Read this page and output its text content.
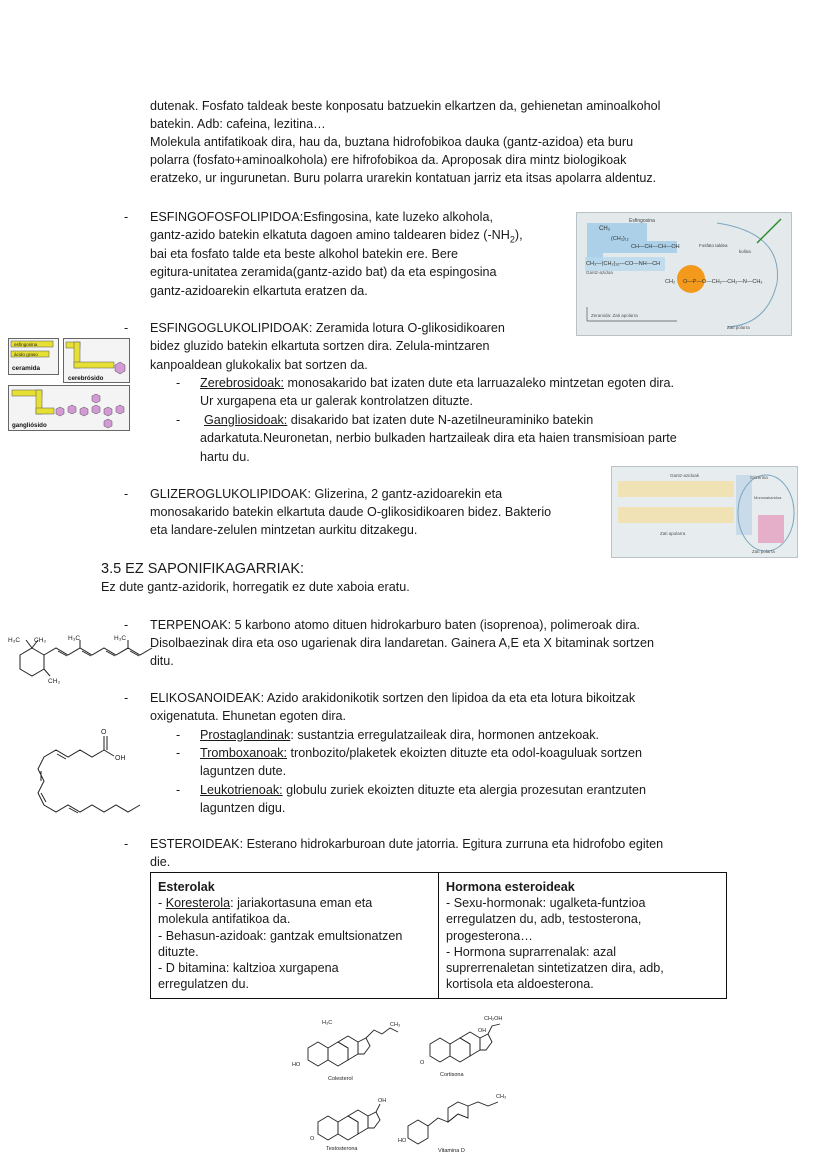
dutenak. Fosfato taldeak beste konposatu batzuekin elkartzen da, gehienetan aminoalkohol
batekin. Adb: cafeina, lezitina…
Molekula antifatikoak dira, hau da, buztana hidrofobikoa dauka (gantz-azidoa) eta buru
polarra (fosfato+aminoalkohola) ere hifrofobikoa da. Aproposak dira mintz biologikoak
eratzeko, ur ingurunetan. Buru polarra urarekin kontatuan jarriz eta itsas apolarra aldentuz.
- ESFINGOFOSFOLIPIDOA:Esfingosina, kate luzeko alkohola,
gantz-azido batekin elkatuta dagoen amino taldearen bidez $(-NH_2)$,
bai eta fosfato talde eta beste alkohol batekin ere. Bere
egitura-unitatea zeramida(gantz-azido bat) da eta espingosina
gantz-azidoarekin elkartuta eratzen da.
Esfingosina
CH₃
(CH₂)₁₂
CH—CH—CH—OH	Fosfato taldea
kolina
CH₃—(CH₂)₁₆—CO—NH—CH
Gantz-azidoa
CH₂ O—P—O—CH₂—CH₂—N—CH₃
Zeramida: Zati apolarra
Zati polarra
- ESFINGOGLUKOLIPIDOAK: Zeramida lotura O-glikosidikoaren
bidez gluzido batekin elkartuta sortzen dira. Zelula-mintzaren
kanpoaldean glukokalix bat sortzen da.
- Zerebrosidoak: monosakarido bat izaten dute eta larruazaleko mintzetan egoten dira.
Ur xurgapena eta ur galerak kontrolatzen dituzte.
- Gangliosidoak: disakarido bat izaten dute N-azetilneuraminiko batekin
adarkatuta.Neuronetan, nerbio bulkaden hartzaileak dira eta haien transmisioan parte
hartu du.
esfingosina
ácido graso
ceramida
cerebrósido
gangliósido
- GLIZEROGLUKOLIPIDOAK: Glizerina, 2 gantz-azidoarekin eta
monosakarido batekin elkartuta daude O-glikosidikoaren bidez. Bakterio
eta landare-zelulen mintzetan aurkitu ditzakegu.
Gantz-azidoak	Glizerina
Monosakaridoa
Zati apolarra
Zati polarra
3.5 EZ SAPONIFIKAGARRIAK:
Ez dute gantz-azidorik, horregatik ez dute xaboia eratu.
- TERPENOAK: 5 karbono atomo dituen hidrokarburo baten (isoprenoa), polimeroak dira.
Disolbaezinak dira eta oso ugarienak dira landaretan. Gainera A,E eta X bitaminak sortzen
ditu.
H₃C CH₃	H₃C	H₃C
CH₃
- ELIKOSANOIDEAK: Azido arakidonikotik sortzen den lipidoa da eta eta lotura bikoitzak
oxigenatuta. Ehunetan egoten dira.
- Prostaglandinak: sustantzia erregulatzaileak dira, hormonen antzekoak.
- Tromboxanoak: tronbozito/plaketek ekoizten dituzte eta odol-koaguluak sortzen
laguntzen dute.
- Leukotrienoak: globulu zuriek ekoizten dituzte eta alergia prozesutan erantzuten
laguntzen digu.
O
OH
- ESTEROIDEAK: Esterano hidrokarburoan dute jatorria. Egitura zurruna eta hidrofobo egiten
die.
Esterolak
- Koresterola: jariakortasuna eman eta
molekula antifatikoa da.
- Behasun-azidoak: gantzak emultsionatzen
dituzte.
- D bitamina: kaltzioa xurgapena
erregulatzen du.	Hormona esteroideak
- Sexu-hormonak: ugalketa-funtzioa
erregulatzen du, adb, testosterona,
progesterona…
- Hormona suprarrenalak: azal
suprerrenaletan sintetizatzen dira, adb,
kortisola eta aldoesterona.
HO
H₃C	CH₃
Colesterol
O
CH₂OH
OH
Cortisona
O
OH
Testosterona
HO
CH₃
Vitamina D
